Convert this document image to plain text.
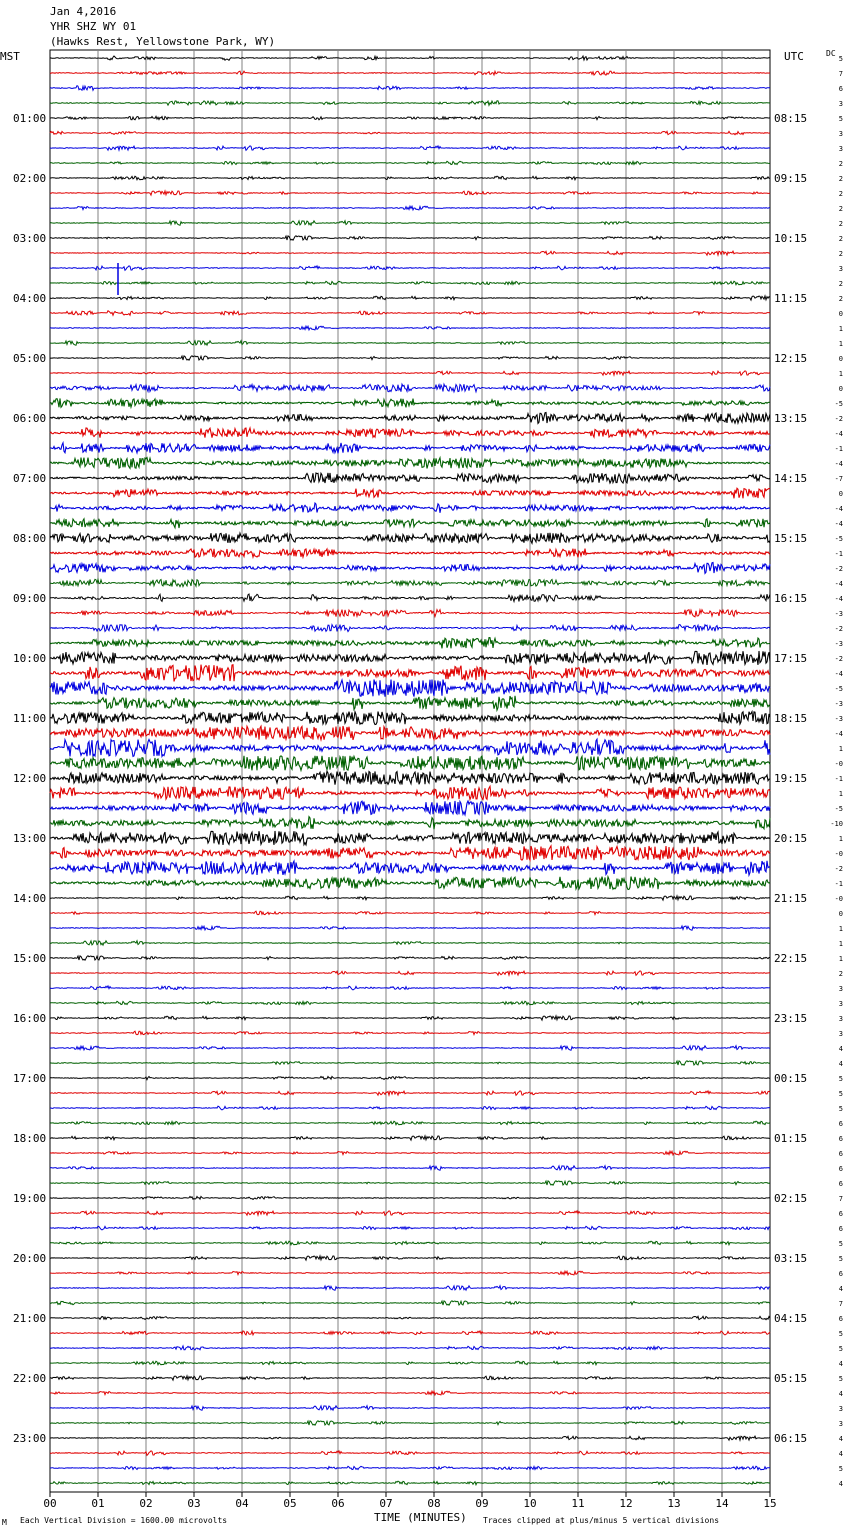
Jan 4,2016
YHR SHZ WY 01
(Hawks Rest, Yellowstone Park, WY)
MST	UTC	DC
01:00
02:00
03:00
04:00
05:00
06:00
07:00
08:00
09:00
10:00
11:00
12:00
13:00
14:00
15:00
16:00
17:00
18:00
19:00
20:00
21:00
22:00
23:00
08:15
09:15
10:15
11:15
12:15
13:15
14:15
15:15
16:15
17:15
18:15
19:15
20:15
21:15
22:15
23:15
00:15
01:15
02:15
03:15
04:15
05:15
06:15
5
7
6
3
5
3
3
2
2
2
2
2
2
2
3
2
2
0
1
1
0
1
0
-5
-2
-4
-1
-4
-7
0
-4
-4
-5
-1
-2
-4
-4
-3
-2
-3
-2
-4
-5
-3
-3
-4
1
-0
-1
1
-5
-10
1
-0
-2
-1
-0
0
1
1
1
2
3
3
3
3
4
4
5
5
5
6
6
6
6
6
7
6
6
5
5
6
4
7
6
5
5
4
5
4
3
3
4
4
5
4
00	01	02	03	04	05	06	07	08	09	10	11	12	13	14	15
M Each Vertical Division = 1600.00 microvolts	TIME (MINUTES) Traces clipped at plus/minus 5 vertical divisions
